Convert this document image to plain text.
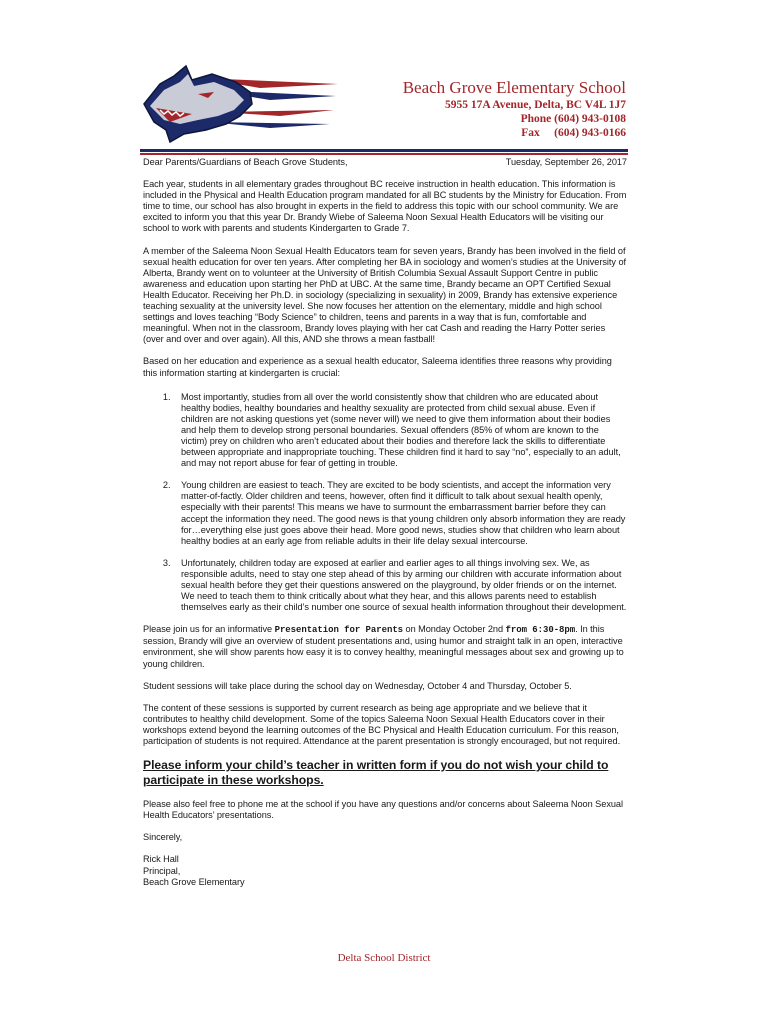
Beach Grove Elementary School
5955 17A Avenue, Delta, BC V4L 1J7
Phone (604) 943-0108
Fax     (604) 943-0166
Dear Parents/Guardians of Beach Grove Students,	Tuesday, September 26, 2017

Each year, students in all elementary grades throughout BC receive instruction in health education. This information is included in the Physical and Health Education program mandated for all BC students by the Ministry for Education. From time to time, our school has also brought in experts in the field to address this topic with our school community. We are excited to inform you that this year Dr. Brandy Wiebe of Saleema Noon Sexual Health Educators will be visiting our school to work with parents and students Kindergarten to Grade 7.

A member of the Saleema Noon Sexual Health Educators team for seven years, Brandy has been involved in the field of sexual health education for over ten years. After completing her BA in sociology and women’s studies at the University of Alberta, Brandy went on to volunteer at the University of British Columbia Sexual Assault Support Centre in public awareness and education upon starting her PhD at UBC. At the same time, Brandy became an OPT Certified Sexual Health Educator. Receiving her Ph.D. in sociology (specializing in sexuality) in 2009, Brandy has extensive experience teaching sexuality at the university level. She now focuses her attention on the elementary, middle and high school settings and loves teaching “Body Science” to children, teens and parents in a way that is fun, comfortable and meaningful. When not in the classroom, Brandy loves playing with her cat Cash and reading the Harry Potter series (over and over and over again). All this, AND she throws a mean fastball!

Based on her education and experience as a sexual health educator, Saleema identifies three reasons why providing this information starting at kindergarten is crucial:

1. Most importantly, studies from all over the world consistently show that children who are educated about healthy bodies, healthy boundaries and healthy sexuality are protected from child sexual abuse. Even if children are not asking questions yet (some never will) we need to give them information about their bodies and help them to develop strong personal boundaries. Sexual offenders (85% of whom are known to the victim) prey on children who aren’t educated about their bodies and therefore lack the skills to differentiate between appropriate and inappropriate touching. These children find it hard to say “no”, especially to an adult, and may not report abuse for fear of getting in trouble.
2. Young children are easiest to teach. They are excited to be body scientists, and accept the information very matter-of-factly. Older children and teens, however, often find it difficult to talk about sexual health openly, especially with their parents! This means we have to surmount the embarrassment barrier before they can accept the information they need. The good news is that young children only absorb information they are ready for…everything else just goes above their head. More good news, studies show that children who learn about healthy bodies at an early age from reliable adults in their life delay sexual intercourse.
3. Unfortunately, children today are exposed at earlier and earlier ages to all things involving sex. We, as responsible adults, need to stay one step ahead of this by arming our children with accurate information about sexual health before they get their questions answered on the playground, by older friends or on the internet. We need to teach them to think critically about what they hear, and this allows parents need to establish themselves early as their child’s number one source of sexual health information throughout their development.

Please join us for an informative Presentation for Parents on Monday October 2nd from 6:30-8pm. In this session, Brandy will give an overview of student presentations and, using humor and straight talk in an open, interactive environment, she will show parents how easy it is to convey healthy, meaningful messages about sex and growing up to young children.

Student sessions will take place during the school day on Wednesday, October 4 and Thursday, October 5.

The content of these sessions is supported by current research as being age appropriate and we believe that it contributes to healthy child development. Some of the topics Saleema Noon Sexual Health Educators cover in their workshops extend beyond the learning outcomes of the BC Physical and Health Education curriculum. For this reason, participation of students is not required. Attendance at the parent presentation is strongly encouraged, but not required.

Please inform your child’s teacher in written form if you do not wish your child to participate in these workshops.

Please also feel free to phone me at the school if you have any questions and/or concerns about Saleema Noon Sexual Health Educators’ presentations.

Sincerely,

Rick Hall

Principal,

Beach Grove Elementary

Delta School District
